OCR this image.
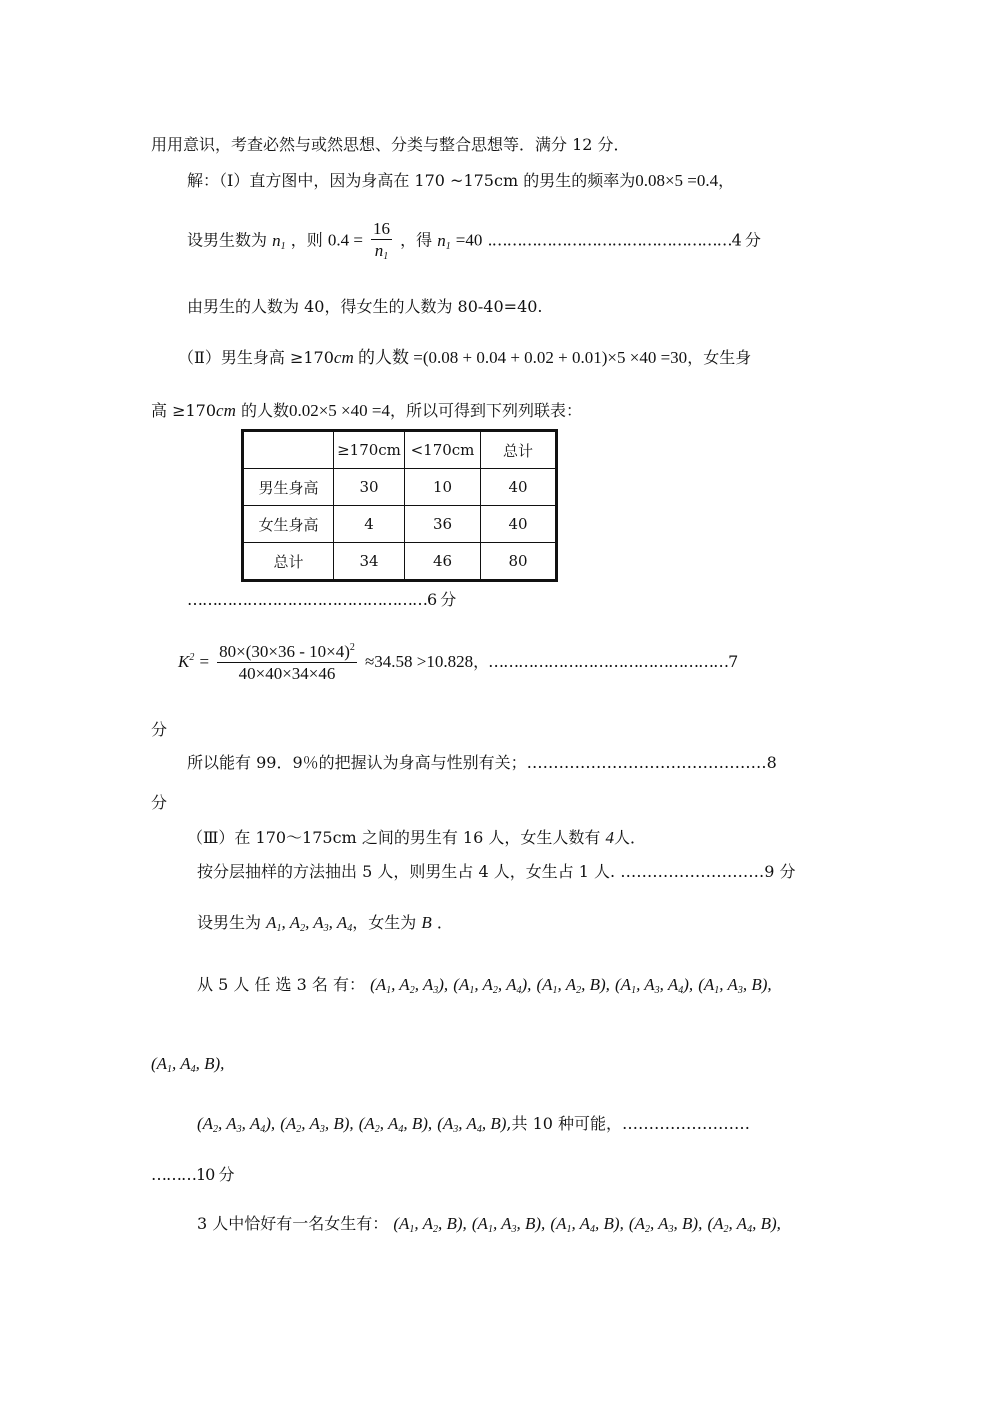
用用意识，考查必然与或然思想、分类与整合思想等．满分 12 分．
解：（Ⅰ）直方图中，因为身高在 170 ~175cm 的男生的频率为0.08×5 =0.4，
设男生数为 $n_1$ ，则 $0.4 = \frac{16}{n_1}$ ，得 $n_1 =40$ .…………………………………………4 分
由男生的人数为 40，得女生的人数为 80-40=40.
（Ⅱ）男生身高 ≥170cm 的人数 =(0.08 + 0.04 + 0.02 + 0.01)×5 ×40 =30，女生身
高 ≥170cm 的人数0.02×5 ×40 =4，所以可得到下列列联表：
	≥170cm	<170cm	总计
男生身高	30	10	40
女生身高	4	36	40
总计	34	46	80
…………………………………………6 分
$K^2 = \frac{80\times(30\times 36 - 10\times 4)^2}{40\times 40\times 34\times 46} \approx 34.58 >10.828$，…………………………………………7
分
所以能有 99．9％的把握认为身高与性别有关；………………………………………8
分
（Ⅲ）在 170～175cm 之间的男生有 16 人，女生人数有 4人．
按分层抽样的方法抽出 5 人，则男生占 4 人，女生占 1 人. ………………………9 分
设男生为 $A_1$, $A_2$, $A_3$, $A_4$，女生为 B ．
从 5 人 任 选 3 名 有： ($A_1$, $A_2$, $A_3$), ($A_1$, $A_2$, $A_4$), ($A_1$, $A_2$, B), ($A_1$, $A_3$, $A_4$), ($A_1$, $A_3$, B),
($A_1$, $A_4$, B),
($A_2$, $A_3$, $A_4$), ($A_2$, $A_3$, B), ($A_2$, $A_4$, B), ($A_3$, $A_4$, B),共 10 种可能，……………………
………10 分
3 人中恰好有一名女生有： ($A_1$, $A_2$, B), ($A_1$, $A_3$, B), ($A_1$, $A_4$, B), ($A_2$, $A_3$, B), ($A_2$, $A_4$, B),
